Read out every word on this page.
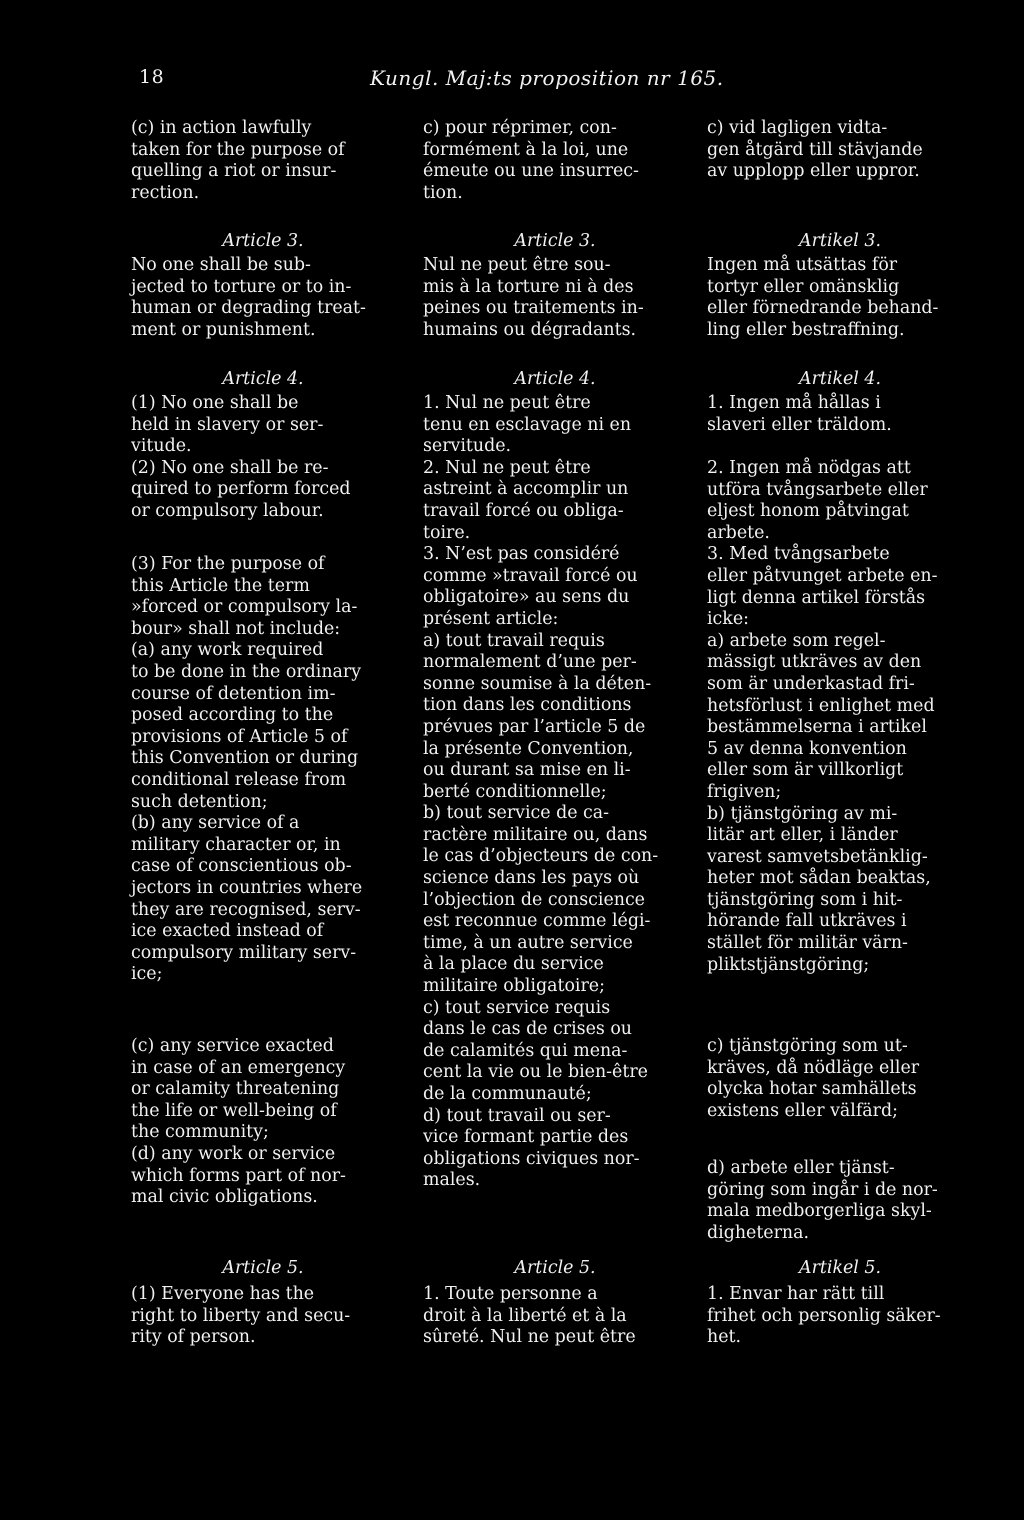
18	Kungl. Maj:ts proposition nr 165.

(c) in action lawfully
taken for the purpose of
quelling a riot or insur-
rection.

Article 3.

No one shall be sub-
jected to torture or to in-
human or degrading treat-
ment or punishment.

Article 4.

(1) No one shall be
held in slavery or ser-
vitude.
(2) No one shall be re-
quired to perform forced
or compulsory labour.

(3) For the purpose of
this Article the term
»forced or compulsory la-
bour» shall not include:
(a) any work required
to be done in the ordinary
course of detention im-
posed according to the
provisions of Article 5 of
this Convention or during
conditional release from
such detention;
(b) any service of a
military character or, in
case of conscientious ob-
jectors in countries where
they are recognised, serv-
ice exacted instead of
compulsory military serv-
ice;

(c) any service exacted
in case of an emergency
or calamity threatening
the life or well-being of
the community;
(d) any work or service
which forms part of nor-
mal civic obligations.

Article 5.

(1) Everyone has the
right to liberty and secu-
rity of person.

c) pour réprimer, con-
formément à la loi, une
émeute ou une insurrec-
tion.

Article 3.

Nul ne peut être sou-
mis à la torture ni à des
peines ou traitements in-
humains ou dégradants.

Article 4.

1. Nul ne peut être
tenu en esclavage ni en
servitude.
2. Nul ne peut être
astreint à accomplir un
travail forcé ou obliga-
toire.
3. N’est pas considéré
comme »travail forcé ou
obligatoire» au sens du
présent article:
a) tout travail requis
normalement d’une per-
sonne soumise à la déten-
tion dans les conditions
prévues par l’article 5 de
la présente Convention,
ou durant sa mise en li-
berté conditionnelle;
b) tout service de ca-
ractère militaire ou, dans
le cas d’objecteurs de con-
science dans les pays où
l’objection de conscience
est reconnue comme légi-
time, à un autre service
à la place du service
militaire obligatoire;
c) tout service requis
dans le cas de crises ou
de calamités qui mena-
cent la vie ou le bien-être
de la communauté;
d) tout travail ou ser-
vice formant partie des
obligations civiques nor-
males.

Article 5.

1. Toute personne a
droit à la liberté et à la
sûreté. Nul ne peut être

c) vid lagligen vidta-
gen åtgärd till stävjande
av upplopp eller uppror.

Artikel 3.

Ingen må utsättas för
tortyr eller omänsklig
eller förnedrande behand-
ling eller bestraffning.

Artikel 4.

1. Ingen må hållas i
slaveri eller träldom.

2. Ingen må nödgas att
utföra tvångsarbete eller
eljest honom påtvingat
arbete.
3. Med tvångsarbete
eller påtvunget arbete en-
ligt denna artikel förstås
icke:
a) arbete som regel-
mässigt utkräves av den
som är underkastad fri-
hetsförlust i enlighet med
bestämmelserna i artikel
5 av denna konvention
eller som är villkorligt
frigiven;
b) tjänstgöring av mi-
litär art eller, i länder
varest samvetsbetänklig-
heter mot sådan beaktas,
tjänstgöring som i hit-
hörande fall utkräves i
stället för militär värn-
pliktstjänstgöring;

c) tjänstgöring som ut-
kräves, då nödläge eller
olycka hotar samhällets
existens eller välfärd;

d) arbete eller tjänst-
göring som ingår i de nor-
mala medborgerliga skyl-
digheterna.

Artikel 5.

1. Envar har rätt till
frihet och personlig säker-
het.
